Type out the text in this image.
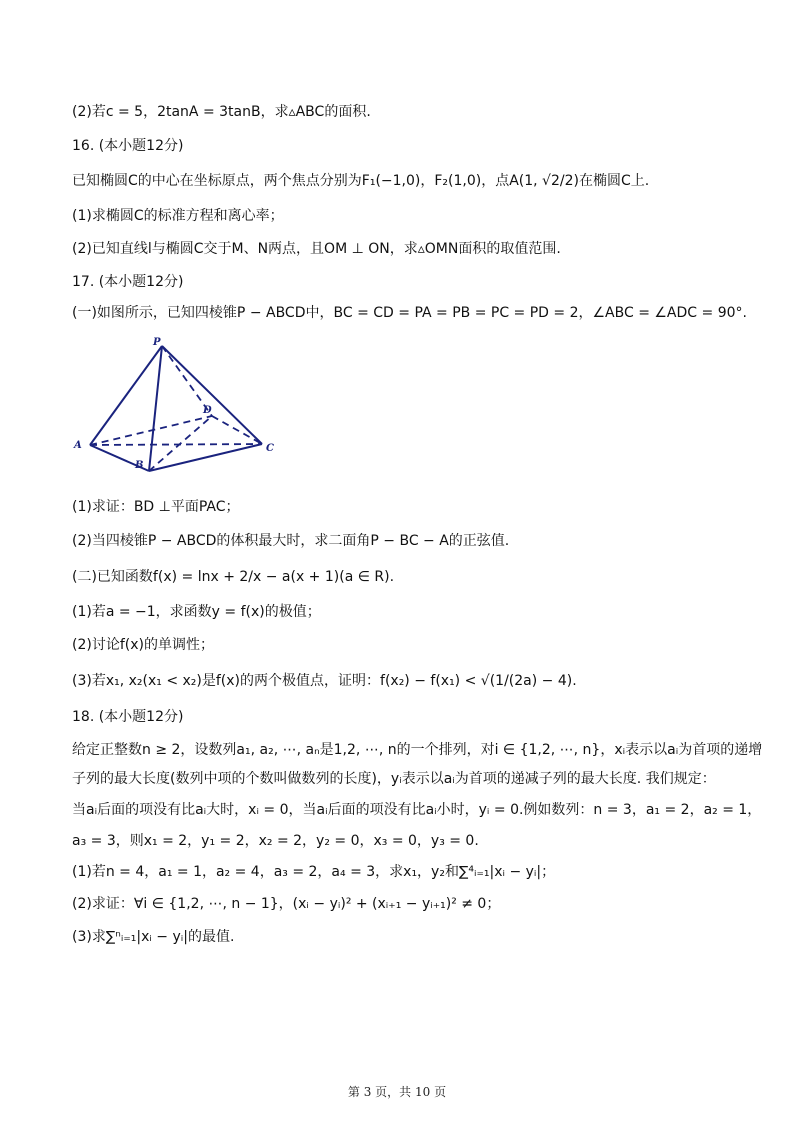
(2)若c = 5，2tanA = 3tanB，求▵ABC的面积.
16. (本小题12分)
已知椭圆C的中心在坐标原点，两个焦点分别为F₁(−1,0)，F₂(1,0)，点A(1, √2/2)在椭圆C上.
(1)求椭圆C的标准方程和离心率；
(2)已知直线l与椭圆C交于M、N两点，且OM ⊥ ON，求▵OMN面积的取值范围.
17. (本小题12分)
(一)如图所示，已知四棱锥P − ABCD中，BC = CD = PA = PB = PC = PD = 2，∠ABC = ∠ADC = 90°.
P
A
B
C
D
(1)求证：BD ⊥平面PAC；
(2)当四棱锥P − ABCD的体积最大时，求二面角P − BC − A的正弦值.
(二)已知函数f(x) = lnx + 2/x − a(x + 1)(a ∈ R).
(1)若a = −1，求函数y = f(x)的极值；
(2)讨论f(x)的单调性；
(3)若x₁, x₂(x₁ < x₂)是f(x)的两个极值点，证明：f(x₂) − f(x₁) < √(1/(2a) − 4).
18. (本小题12分)
给定正整数n ≥ 2，设数列a₁, a₂, ⋯, aₙ是1,2, ⋯, n的一个排列，对i ∈ {1,2, ⋯, n}，xᵢ表示以aᵢ为首项的递增
子列的最大长度(数列中项的个数叫做数列的长度)，yᵢ表示以aᵢ为首项的递减子列的最大长度. 我们规定：
当aᵢ后面的项没有比aᵢ大时，xᵢ = 0，当aᵢ后面的项没有比aᵢ小时，yᵢ = 0.例如数列：n = 3，a₁ = 2，a₂ = 1，
a₃ = 3，则x₁ = 2，y₁ = 2，x₂ = 2，y₂ = 0，x₃ = 0，y₃ = 0.
(1)若n = 4，a₁ = 1，a₂ = 4，a₃ = 2，a₄ = 3，求x₁，y₂和∑⁴ᵢ₌₁|xᵢ − yᵢ|；
(2)求证：∀i ∈ {1,2, ⋯, n − 1}，(xᵢ − yᵢ)² + (xᵢ₊₁ − yᵢ₊₁)² ≠ 0；
(3)求∑ⁿᵢ₌₁|xᵢ − yᵢ|的最值.
第 3 页，共 10 页
